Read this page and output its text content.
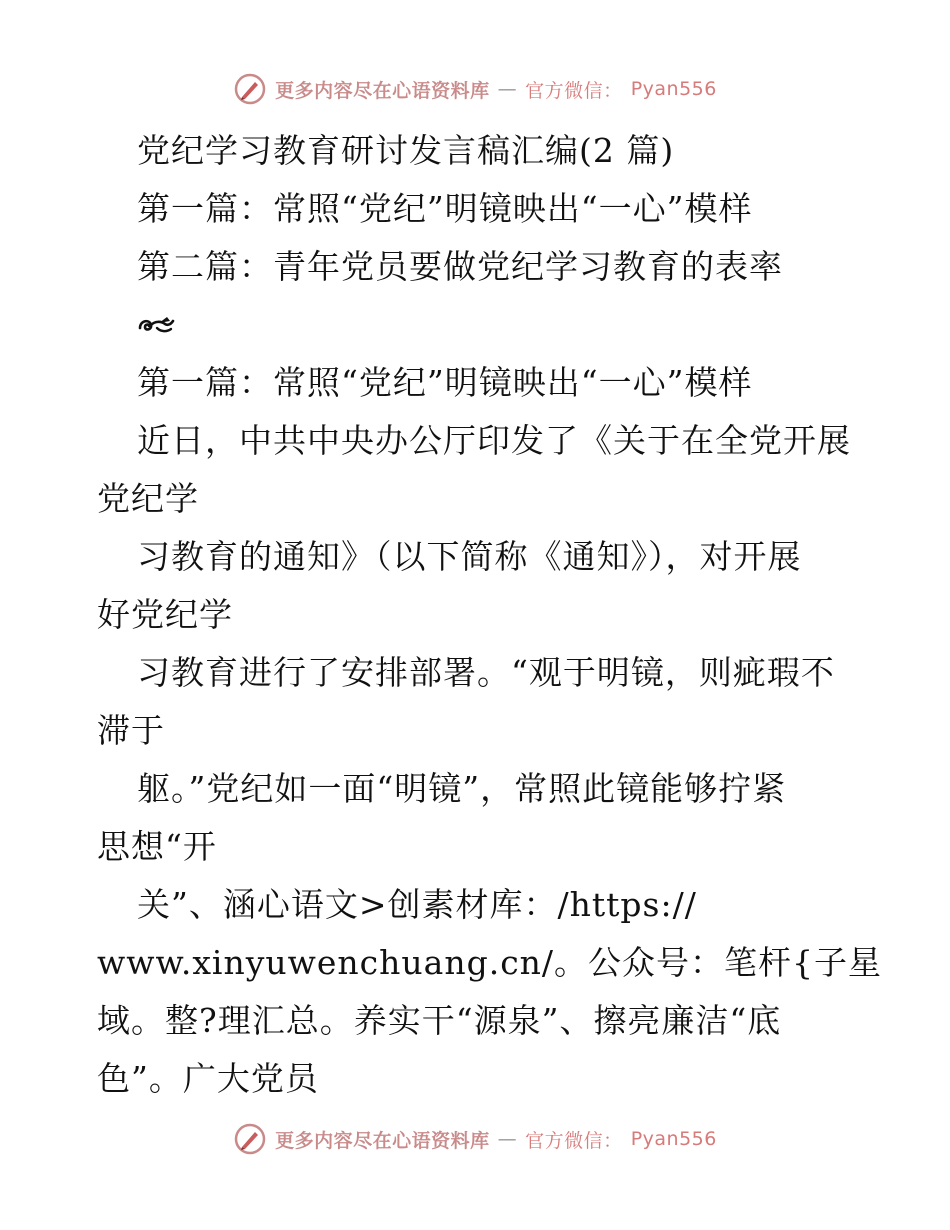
更多内容尽在心语资料库 — 官方微信： Pyan556
党纪学习教育研讨发言稿汇编(2 篇)
第一篇：常照“党纪”明镜映出“一心”模样
第二篇：青年党员要做党纪学习教育的表率
第一篇：常照“党纪”明镜映出“一心”模样
近日，中共中央办公厅印发了《关于在全党开展
党纪学
习教育的通知》（以下简称《通知》），对开展
好党纪学
习教育进行了安排部署。“观于明镜，则疵瑕不
滞于
躯。”党纪如一面“明镜”，常照此镜能够拧紧
思想“开
关”、涵心语文>创素材库：/https://
www.xinyuwenchuang.cn/。公众号：笔杆{子星
域。整?理汇总。养实干“源泉”、擦亮廉洁“底
色”。广大党员
更多内容尽在心语资料库 — 官方微信： Pyan556
